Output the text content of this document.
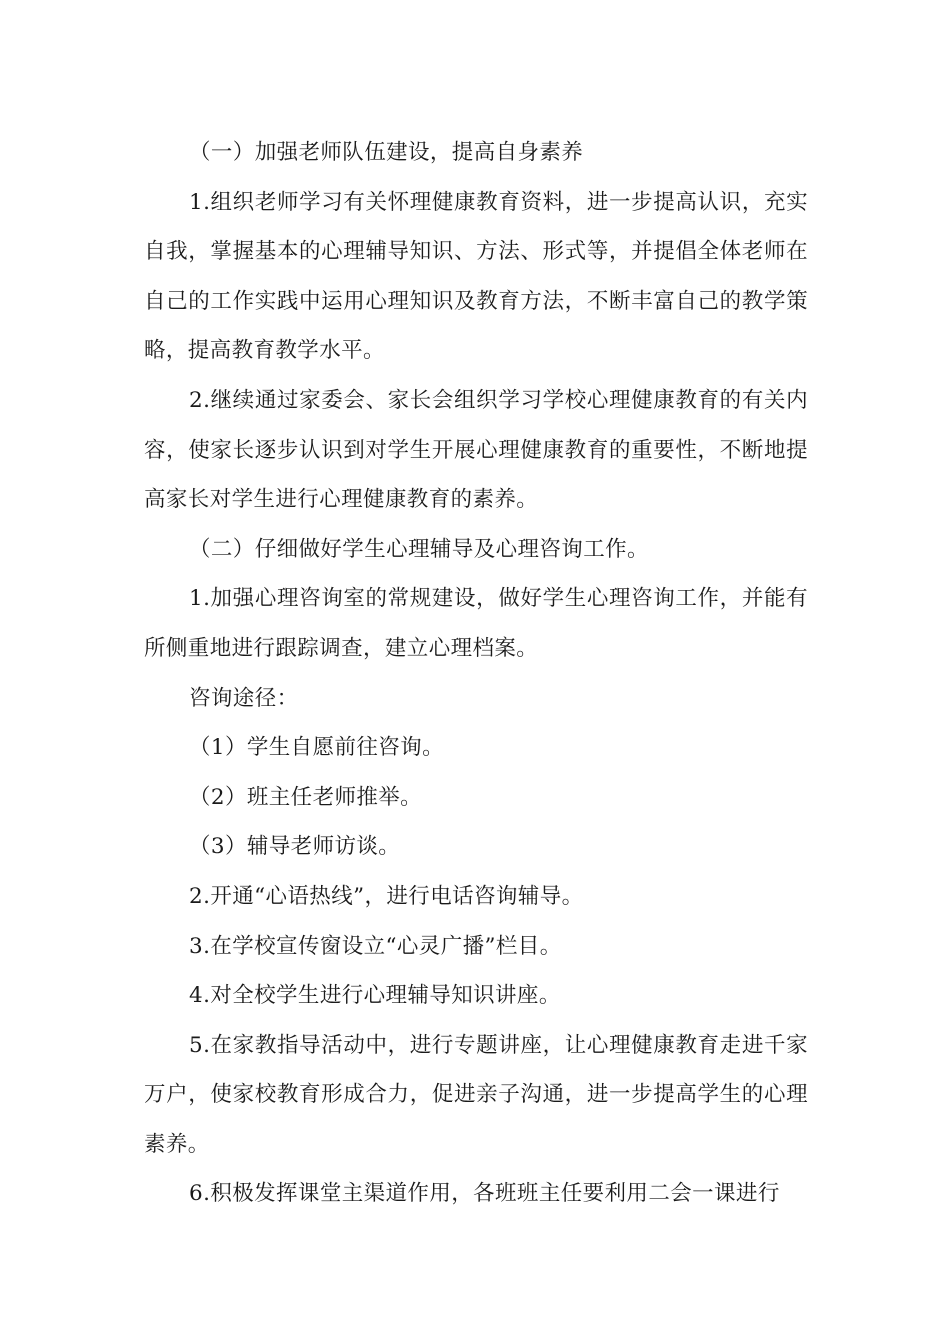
（一）加强老师队伍建设，提高自身素养

1.组织老师学习有关怀理健康教育资料，进一步提高认识，充实自我，掌握基本的心理辅导知识、方法、形式等，并提倡全体老师在自己的工作实践中运用心理知识及教育方法，不断丰富自己的教学策略，提高教育教学水平。

2.继续通过家委会、家长会组织学习学校心理健康教育的有关内容，使家长逐步认识到对学生开展心理健康教育的重要性，不断地提高家长对学生进行心理健康教育的素养。

（二）仔细做好学生心理辅导及心理咨询工作。

1.加强心理咨询室的常规建设，做好学生心理咨询工作，并能有所侧重地进行跟踪调查，建立心理档案。

咨询途径：

（1）学生自愿前往咨询。

（2）班主任老师推举。

（3）辅导老师访谈。

2.开通“心语热线”，进行电话咨询辅导。

3.在学校宣传窗设立“心灵广播”栏目。

4.对全校学生进行心理辅导知识讲座。

5.在家教指导活动中，进行专题讲座，让心理健康教育走进千家万户，使家校教育形成合力，促进亲子沟通，进一步提高学生的心理素养。

6.积极发挥课堂主渠道作用，各班班主任要利用二会一课进行
